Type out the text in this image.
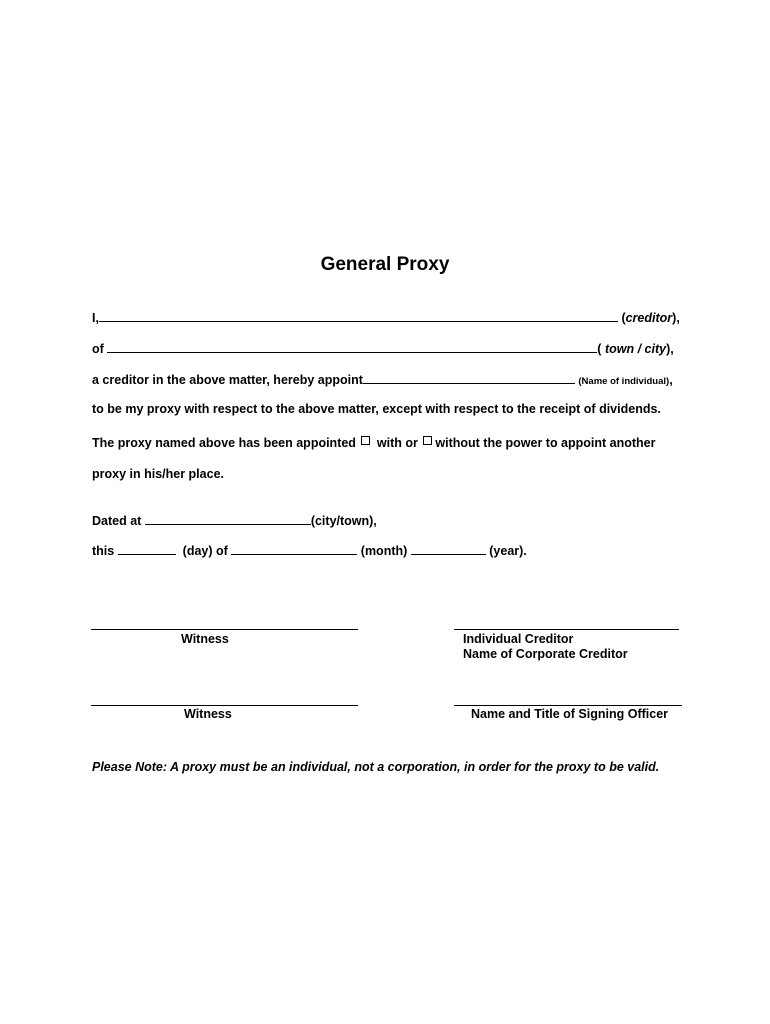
General Proxy
I,	(creditor),
of	( town / city),
a creditor in the above matter, hereby appoint	(Name of individual),
to be my proxy with respect to the above matter, except with respect to the receipt of dividends.
The proxy named above has been appointed with or without the power to appoint another
proxy in his/her place.
Dated at	(city/town),
this	(day) of	(month)	(year).
Witness	Individual Creditor
Name of Corporate Creditor
Witness	Name and Title of Signing Officer
Please Note: A proxy must be an individual, not a corporation, in order for the proxy to be valid.
